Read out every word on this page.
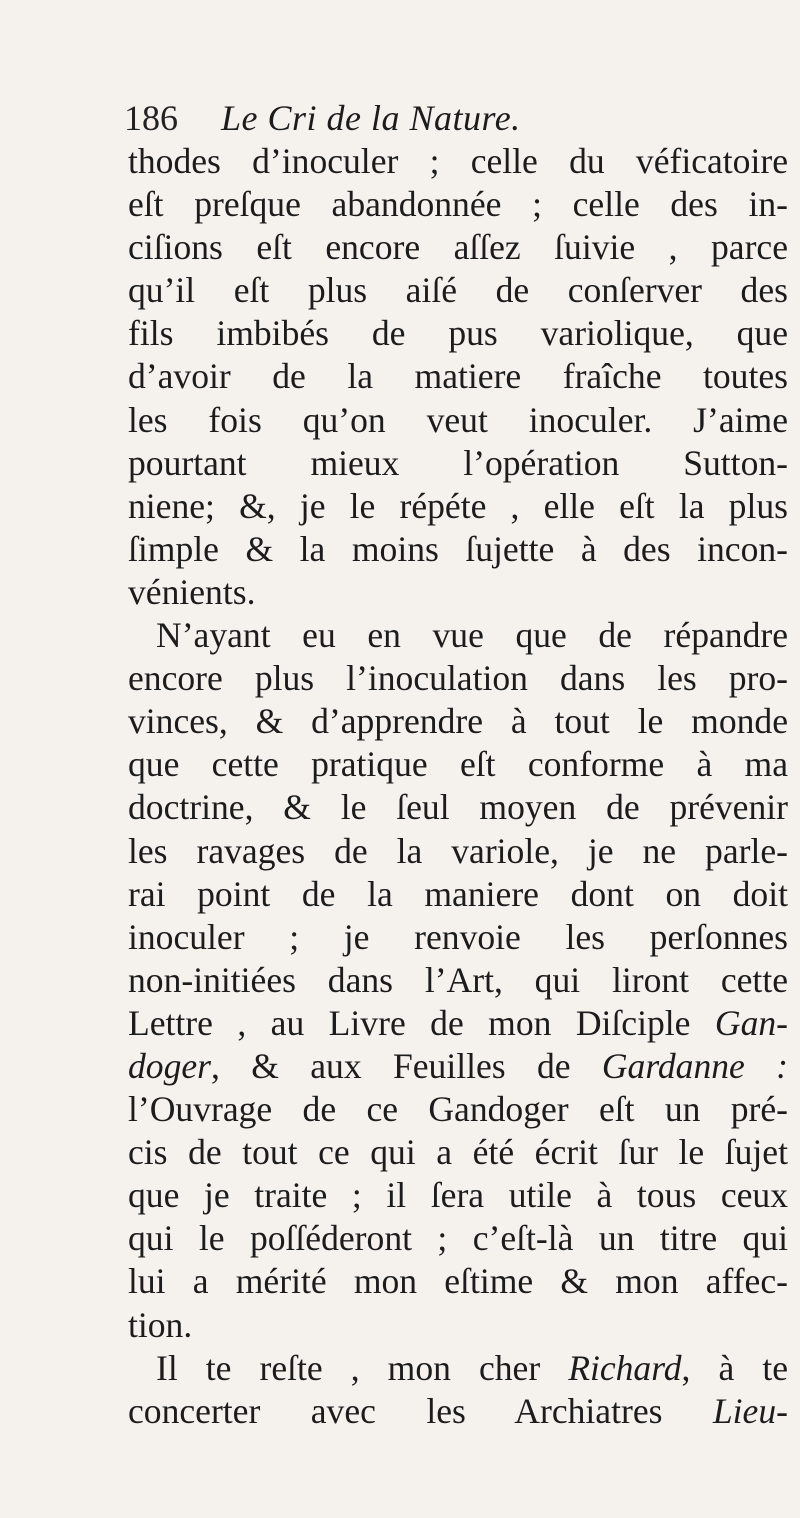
186 Le Cri de la Nature.
thodes d’inoculer ; celle du véficatoire
eſt preſque abandonnée ; celle des in-
ciſions eſt encore aſſez ſuivie , parce
qu’il eſt plus aiſé de conſerver des
fils imbibés de pus variolique, que
d’avoir de la matiere fraîche toutes
les fois qu’on veut inoculer. J’aime
pourtant mieux l’opération Sutton-
niene; &, je le répéte , elle eſt la plus
ſimple & la moins ſujette à des incon-
vénients.
N’ayant eu en vue que de répandre
encore plus l’inoculation dans les pro-
vinces, & d’apprendre à tout le monde
que cette pratique eſt conforme à ma
doctrine, & le ſeul moyen de prévenir
les ravages de la variole, je ne parle-
rai point de la maniere dont on doit
inoculer ; je renvoie les perſonnes
non-initiées dans l’Art, qui liront cette
Lettre , au Livre de mon Diſciple Gan-
doger, & aux Feuilles de Gardanne :
l’Ouvrage de ce Gandoger eſt un pré-
cis de tout ce qui a été écrit ſur le ſujet
que je traite ; il ſera utile à tous ceux
qui le poſſéderont ; c’eſt-là un titre qui
lui a mérité mon eſtime & mon affec-
tion.
Il te reſte , mon cher Richard, à te
concerter avec les Archiatres Lieu-
